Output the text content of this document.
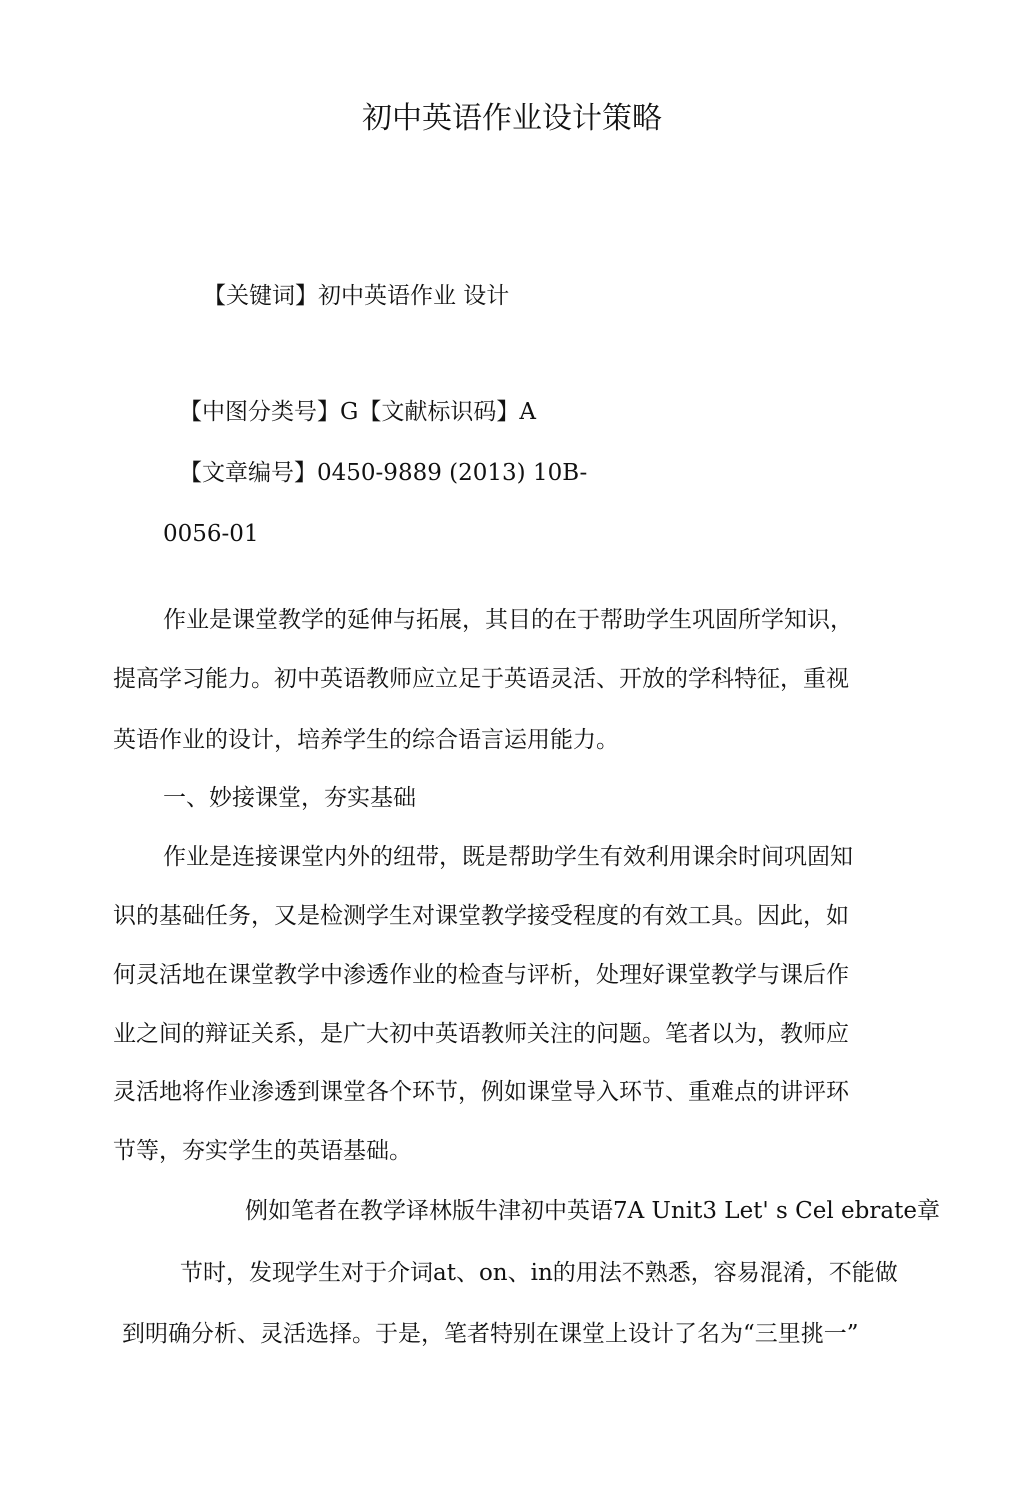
初中英语作业设计策略
【关键词】初中英语作业 设计
【中图分类号】G【文献标识码】A
【文章编号】0450-9889 (2013) 10B-
0056-01
作业是课堂教学的延伸与拓展，其目的在于帮助学生巩固所学知识，
提高学习能力。初中英语教师应立足于英语灵活、开放的学科特征，重视
英语作业的设计，培养学生的综合语言运用能力。
一、妙接课堂，夯实基础
作业是连接课堂内外的纽带，既是帮助学生有效利用课余时间巩固知
识的基础任务，又是检测学生对课堂教学接受程度的有效工具。因此，如
何灵活地在课堂教学中渗透作业的检查与评析，处理好课堂教学与课后作
业之间的辩证关系，是广大初中英语教师关注的问题。笔者以为，教师应
灵活地将作业渗透到课堂各个环节，例如课堂导入环节、重难点的讲评环
节等，夯实学生的英语基础。
例如笔者在教学译林版牛津初中英语7A Unit3 Let' s Cel ebrate章
节时，发现学生对于介词at、on、in的用法不熟悉，容易混淆，不能做
到明确分析、灵活选择。于是，笔者特别在课堂上设计了名为“三里挑一”
